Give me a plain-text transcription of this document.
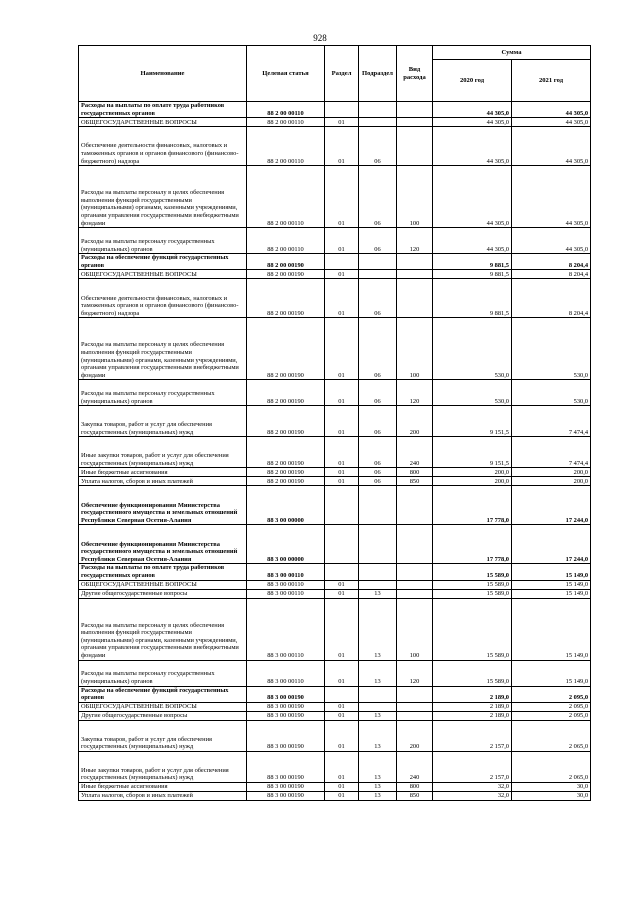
928
Наименование	Целевая статья	Раздел	Подраздел	Вид расхода	Сумма	
					2020 год	2021 год
Расходы на выплаты по оплате труда работников государственных органов	88 2 00 00110				44 305,0	44 305,0
ОБЩЕГОСУДАРСТВЕННЫЕ ВОПРОСЫ	88 2 00 00110	01			44 305,0	44 305,0
Обеспечение деятельности финансовых, налоговых и таможенных органов и органов финансового (финансово-бюджетного) надзора	88 2 00 00110	01	06		44 305,0	44 305,0
Расходы на выплаты персоналу в целях обеспечения выполнения функций государственными (муниципальными) органами, казенными учреждениями, органами управления государственными внебюджетными фондами	88 2 00 00110	01	06	100	44 305,0	44 305,0
Расходы на выплаты персоналу государственных (муниципальных) органов	88 2 00 00110	01	06	120	44 305,0	44 305,0
Расходы на обеспечение функций государственных органов	88 2 00 00190				9 881,5	8 204,4
ОБЩЕГОСУДАРСТВЕННЫЕ ВОПРОСЫ	88 2 00 00190	01			9 881,5	8 204,4
Обеспечение деятельности финансовых, налоговых и таможенных органов и органов финансового (финансово-бюджетного) надзора	88 2 00 00190	01	06		9 881,5	8 204,4
Расходы на выплаты персоналу в целях обеспечения выполнения функций государственными (муниципальными) органами, казенными учреждениями, органами управления государственными внебюджетными фондами	88 2 00 00190	01	06	100	530,0	530,0
Расходы на выплаты персоналу государственных (муниципальных) органов	88 2 00 00190	01	06	120	530,0	530,0
Закупка товаров, работ и услуг для обеспечения государственных (муниципальных) нужд	88 2 00 00190	01	06	200	9 151,5	7 474,4
Иные закупки товаров, работ и услуг для обеспечения государственных (муниципальных) нужд	88 2 00 00190	01	06	240	9 151,5	7 474,4
Иные бюджетные ассигнования	88 2 00 00190	01	06	800	200,0	200,0
Уплата налогов, сборов и иных платежей	88 2 00 00190	01	06	850	200,0	200,0
Обеспечение функционирования Министерства государственного имущества и земельных отношений Республики Северная Осетия-Алания	88 3 00 00000				17 778,0	17 244,0
Обеспечение функционирования Министерства государственного имущества и земельных отношений Республики Северная Осетия-Алания	88 3 00 00000				17 778,0	17 244,0
Расходы на выплаты по оплате труда работников государственных органов	88 3 00 00110				15 589,0	15 149,0
ОБЩЕГОСУДАРСТВЕННЫЕ ВОПРОСЫ	88 3 00 00110	01			15 589,0	15 149,0
Другие общегосударственные вопросы	88 3 00 00110	01	13		15 589,0	15 149,0
Расходы на выплаты персоналу в целях обеспечения выполнения функций государственными (муниципальными) органами, казенными учреждениями, органами управления государственными внебюджетными фондами	88 3 00 00110	01	13	100	15 589,0	15 149,0
Расходы на выплаты персоналу государственных (муниципальных) органов	88 3 00 00110	01	13	120	15 589,0	15 149,0
Расходы на обеспечение функций государственных органов	88 3 00 00190				2 189,0	2 095,0
ОБЩЕГОСУДАРСТВЕННЫЕ ВОПРОСЫ	88 3 00 00190	01			2 189,0	2 095,0
Другие общегосударственные вопросы	88 3 00 00190	01	13		2 189,0	2 095,0
Закупка товаров, работ и услуг для обеспечения государственных (муниципальных) нужд	88 3 00 00190	01	13	200	2 157,0	2 065,0
Иные закупки товаров, работ и услуг для обеспечения государственных (муниципальных) нужд	88 3 00 00190	01	13	240	2 157,0	2 065,0
Иные бюджетные ассигнования	88 3 00 00190	01	13	800	32,0	30,0
Уплата налогов, сборов и иных платежей	88 3 00 00190	01	13	850	32,0	30,0
